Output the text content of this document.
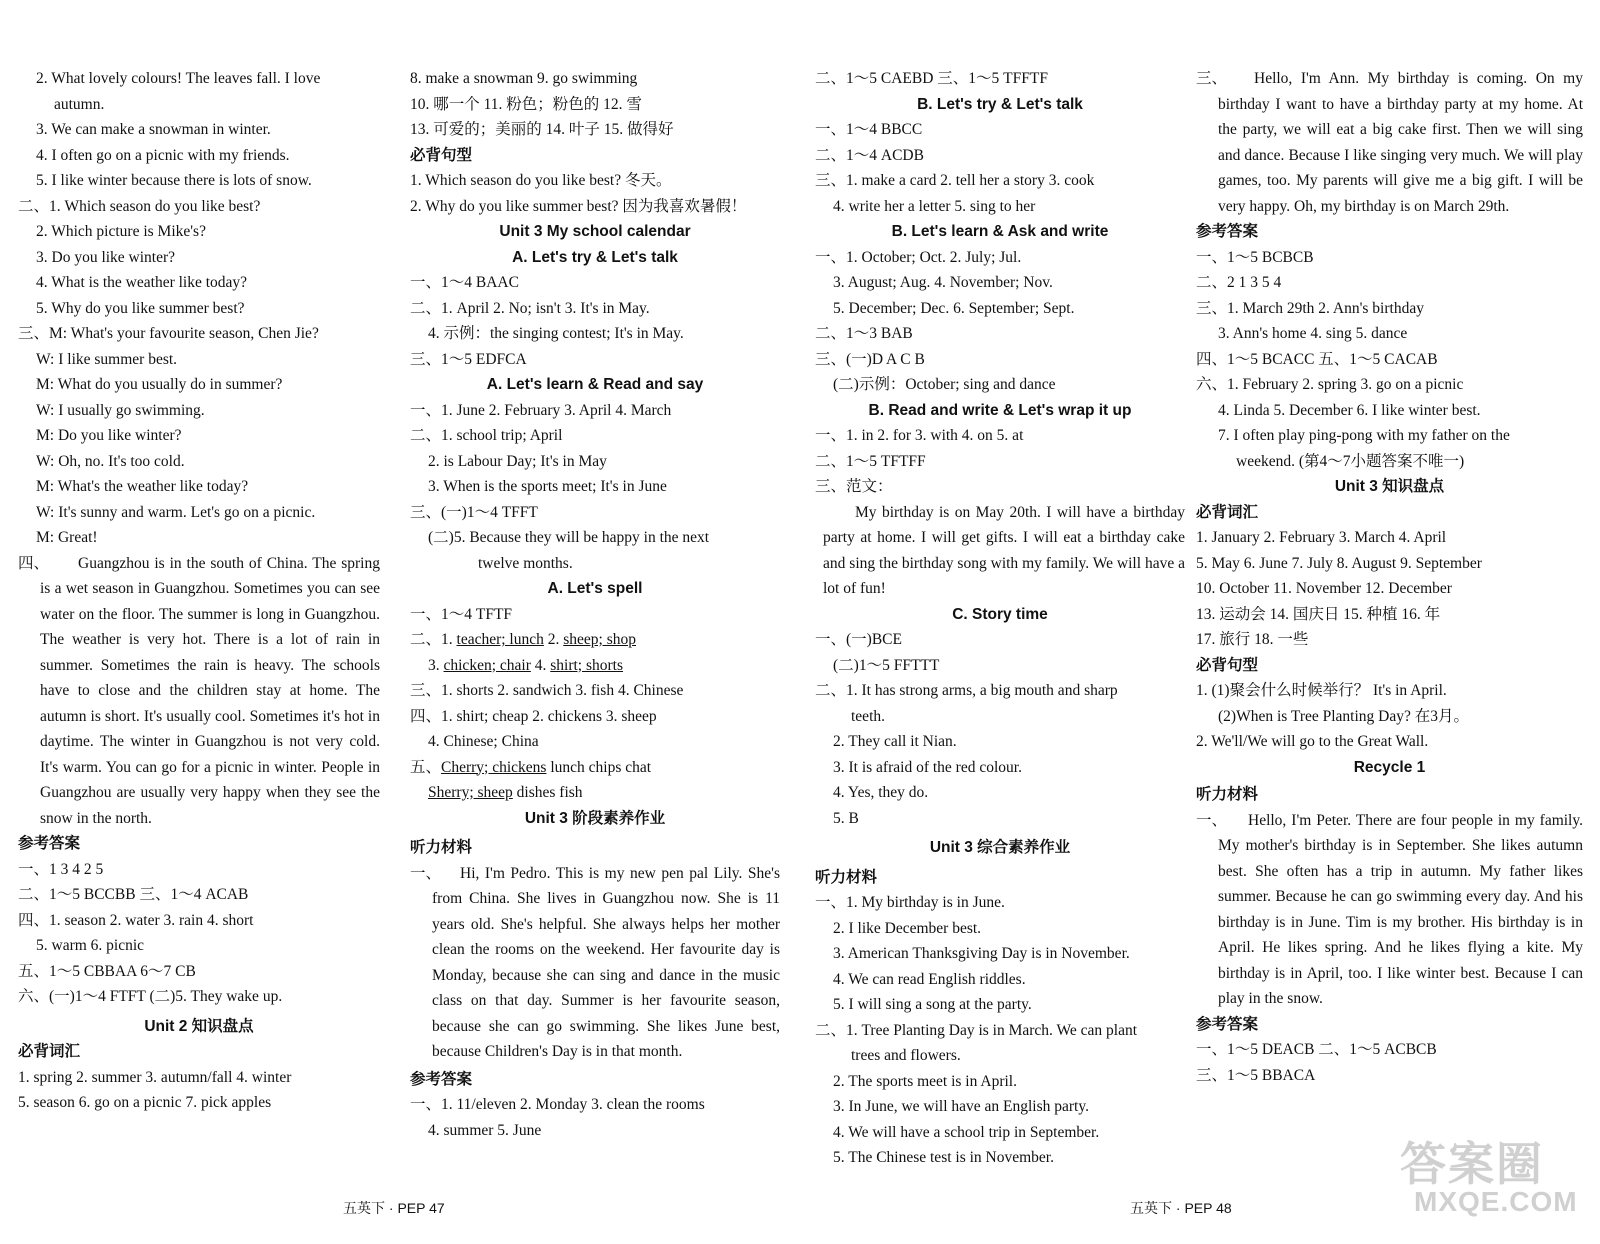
2. What lovely colours! The leaves fall. I love
autumn.
3. We can make a snowman in winter.
4. I often go on a picnic with my friends.
5. I like winter because there is lots of snow.
二、1. Which season do you like best?
2. Which picture is Mike's?
3. Do you like winter?
4. What is the weather like today?
5. Why do you like summer best?
三、M: What's your favourite season, Chen Jie?
W: I like summer best.
M: What do you usually do in summer?
W: I usually go swimming.
M: Do you like winter?
W: Oh, no. It's too cold.
M: What's the weather like today?
W: It's sunny and warm. Let's go on a picnic.
M: Great!
四、	Guangzhou is in the south of China. The spring is a wet season in Guangzhou. Sometimes you can see water on the floor. The summer is long in Guangzhou. The weather is very hot. There is a lot of rain in summer. Sometimes the rain is heavy. The schools have to close and the children stay at home. The autumn is short. It's usually cool. Sometimes it's hot in daytime. The winter in Guangzhou is not very cold. It's warm. You can go for a picnic in winter. People in Guangzhou are usually very happy when they see the snow in the north.
参考答案
一、1 3 4 2 5
二、1～5 BCCBB 三、1～4 ACAB
四、1. season 2. water 3. rain 4. short
5. warm 6. picnic
五、1～5 CBBAA 6～7 CB
六、(一)1～4 FTFT (二)5. They wake up.
Unit 2 知识盘点
必背词汇
1. spring 2. summer 3. autumn/fall 4. winter
5. season 6. go on a picnic 7. pick apples
8. make a snowman 9. go swimming
10. 哪一个 11. 粉色；粉色的 12. 雪
13. 可爱的；美丽的 14. 叶子 15. 做得好
必背句型
1. Which season do you like best? 冬天。
2. Why do you like summer best? 因为我喜欢暑假！
Unit 3 My school calendar
A. Let's try & Let's talk
一、1～4 BAAC
二、1. April 2. No; isn't 3. It's in May.
4. 示例：the singing contest; It's in May.
三、1～5 EDFCA
A. Let's learn & Read and say
一、1. June 2. February 3. April 4. March
二、1. school trip; April
2. is Labour Day; It's in May
3. When is the sports meet; It's in June
三、(一)1～4 TFFT
(二)5. Because they will be happy in the next
twelve months.
A. Let's spell
一、1～4 TFTF
二、1. teacher; lunch 2. sheep; shop
3. chicken; chair 4. shirt; shorts
三、1. shorts 2. sandwich 3. fish 4. Chinese
四、1. shirt; cheap 2. chickens 3. sheep
4. Chinese; China
五、Cherry; chickens lunch chips chat
Sherry; sheep dishes fish
Unit 3 阶段素养作业
听力材料
一、	Hi, I'm Pedro. This is my new pen pal Lily. She's from China. She lives in Guangzhou now. She is 11 years old. She's helpful. She always helps her mother clean the rooms on the weekend. Her favourite day is Monday, because she can sing and dance in the music class on that day. Summer is her favourite season, because she can go swimming. She likes June best, because Children's Day is in that month.
参考答案
一、1. 11/eleven 2. Monday 3. clean the rooms
4. summer 5. June
二、1～5 CAEBD 三、1～5 TFFTF
B. Let's try & Let's talk
一、1～4 BBCC
二、1～4 ACDB
三、1. make a card 2. tell her a story 3. cook
4. write her a letter 5. sing to her
B. Let's learn & Ask and write
一、1. October; Oct. 2. July; Jul.
3. August; Aug. 4. November; Nov.
5. December; Dec. 6. September; Sept.
二、1～3 BAB
三、(一)D A C B
(二)示例：October; sing and dance
B. Read and write & Let's wrap it up
一、1. in 2. for 3. with 4. on 5. at
二、1～5 TFTFF
三、范文：
My birthday is on May 20th. I will have a birthday party at home. I will get gifts. I will eat a birthday cake and sing the birthday song with my family. We will have a lot of fun!
C. Story time
一、(一)BCE
(二)1～5 FFTTT
二、1. It has strong arms, a big mouth and sharp
teeth.
2. They call it Nian.
3. It is afraid of the red colour.
4. Yes, they do.
5. B
Unit 3 综合素养作业
听力材料
一、1. My birthday is in June.
2. I like December best.
3. American Thanksgiving Day is in November.
4. We can read English riddles.
5. I will sing a song at the party.
二、1. Tree Planting Day is in March. We can plant
trees and flowers.
2. The sports meet is in April.
3. In June, we will have an English party.
4. We will have a school trip in September.
5. The Chinese test is in November.
三、	Hello, I'm Ann. My birthday is coming. On my birthday I want to have a birthday party at my home. At the party, we will eat a big cake first. Then we will sing and dance. Because I like singing very much. We will play games, too. My parents will give me a big gift. I will be very happy. Oh, my birthday is on March 29th.
参考答案
一、1～5 BCBCB
二、2 1 3 5 4
三、1. March 29th 2. Ann's birthday
3. Ann's home 4. sing 5. dance
四、1～5 BCACC 五、1～5 CACAB
六、1. February 2. spring 3. go on a picnic
4. Linda 5. December 6. I like winter best.
7. I often play ping-pong with my father on the
weekend. (第4～7小题答案不唯一)
Unit 3 知识盘点
必背词汇
1. January 2. February 3. March 4. April
5. May 6. June 7. July 8. August 9. September
10. October 11. November 12. December
13. 运动会 14. 国庆日 15. 种植 16. 年
17. 旅行 18. 一些
必背句型
1. (1)聚会什么时候举行？ It's in April.
(2)When is Tree Planting Day? 在3月。
2. We'll/We will go to the Great Wall.
Recycle 1
听力材料
一、	Hello, I'm Peter. There are four people in my family. My mother's birthday is in September. She likes autumn best. She often has a trip in autumn. My father likes summer. Because he can go swimming every day. And his birthday is in June. Tim is my brother. His birthday is in April. He likes spring. And he likes flying a kite. My birthday is in April, too. I like winter best. Because I can play in the snow.
参考答案
一、1～5 DEACB 二、1～5 ACBCB
三、1～5 BBACA
五英下 · PEP 47	五英下 · PEP 48
答案圈
MXQE.COM
